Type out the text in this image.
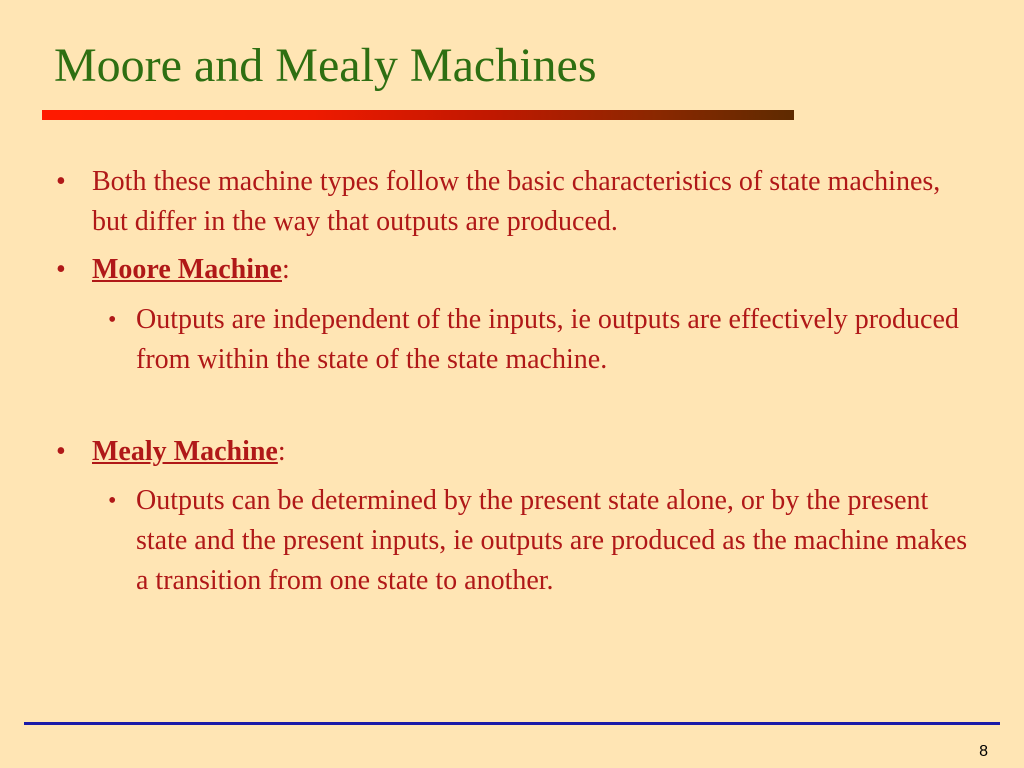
Moore and Mealy Machines
• Both these machine types follow the basic characteristics of state machines, but differ in the way that outputs are produced.
• Moore Machine:
• Outputs are independent of the inputs, ie outputs are effectively produced from within the state of the state machine.
• Mealy Machine:
• Outputs can be determined by the present state alone, or by the present state and the present inputs, ie outputs are produced as the machine makes a transition from one state to another.
8
